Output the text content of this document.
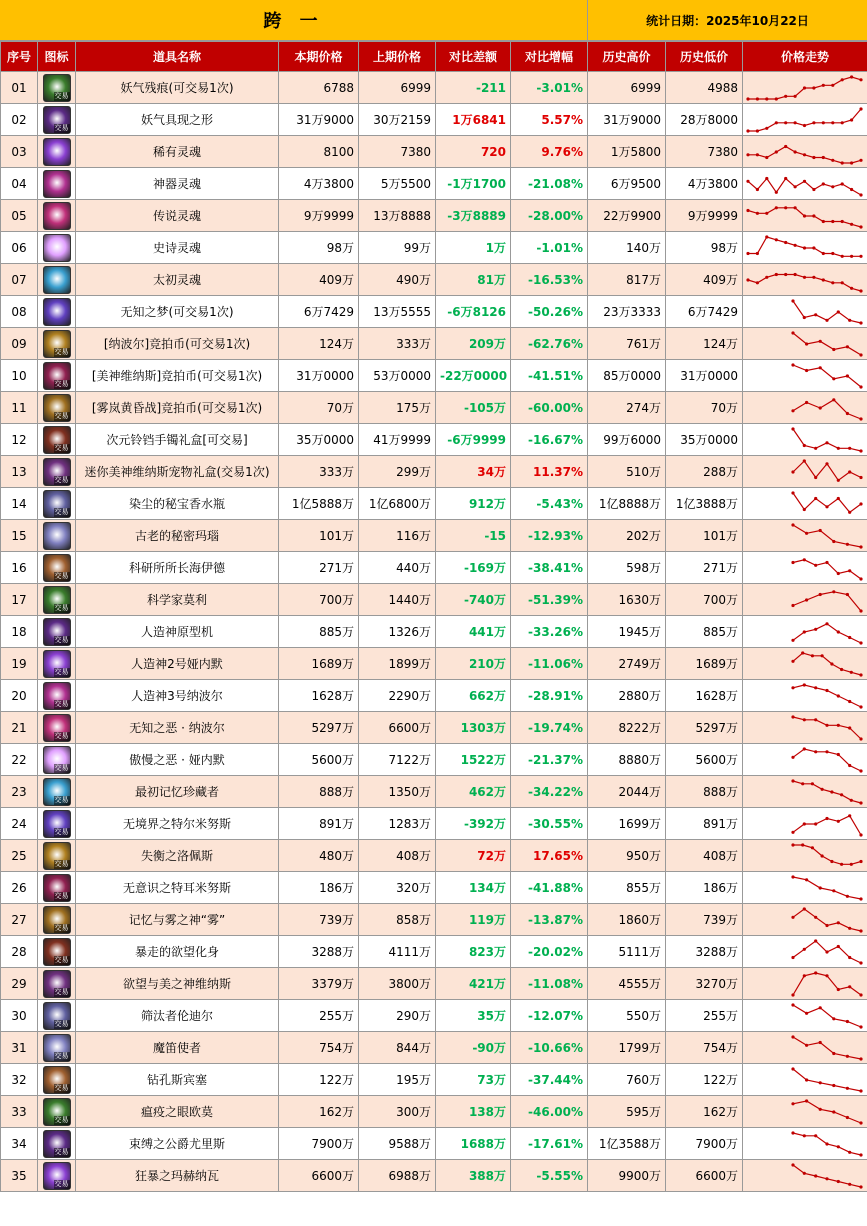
跨 一	统计日期：2025年10月22日
序号	图标	道具名称	本期价格	上期价格	对比差额	对比增幅	历史高价	历史低价	价格走势
01	交易	妖气残痕(可交易1次)	6788	6999	-211	-3.01%	6999	4988	

02	交易	妖气具现之形	31万9000	30万2159	1万6841	5.57%	31万9000	28万8000	

03		稀有灵魂	8100	7380	720	9.76%	1万5800	7380	

04		神器灵魂	4万3800	5万5500	-1万1700	-21.08%	6万9500	4万3800	

05		传说灵魂	9万9999	13万8888	-3万8889	-28.00%	22万9900	9万9999	

06		史诗灵魂	98万	99万	1万	-1.01%	140万	98万	

07		太初灵魂	409万	490万	81万	-16.53%	817万	409万	

08		无知之梦(可交易1次)	6万7429	13万5555	-6万8126	-50.26%	23万3333	6万7429	

09	交易	[纳波尔]竞拍币(可交易1次)	124万	333万	209万	-62.76%	761万	124万	

10	交易	[美神维纳斯]竞拍币(可交易1次)	31万0000	53万0000	-22万0000	-41.51%	85万0000	31万0000	

11	交易	[雾岚黄昏战]竞拍币(可交易1次)	70万	175万	-105万	-60.00%	274万	70万	

12	交易	次元铃铛手镯礼盒[可交易]	35万0000	41万9999	-6万9999	-16.67%	99万6000	35万0000	

13	交易	迷你美神维纳斯宠物礼盒(交易1次)	333万	299万	34万	11.37%	510万	288万	

14	交易	染尘的秘宝香水瓶	1亿5888万	1亿6800万	912万	-5.43%	1亿8888万	1亿3888万	

15		古老的秘密玛瑙	101万	116万	-15	-12.93%	202万	101万	

16	交易	科研所所长海伊德	271万	440万	-169万	-38.41%	598万	271万	

17	交易	科学家莫利	700万	1440万	-740万	-51.39%	1630万	700万	

18	交易	人造神原型机	885万	1326万	441万	-33.26%	1945万	885万	

19	交易	人造神2号娅内默	1689万	1899万	210万	-11.06%	2749万	1689万	

20	交易	人造神3号纳波尔	1628万	2290万	662万	-28.91%	2880万	1628万	

21	交易	无知之恶 · 纳波尔	5297万	6600万	1303万	-19.74%	8222万	5297万	

22	交易	傲慢之恶 · 娅内默	5600万	7122万	1522万	-21.37%	8880万	5600万	

23	交易	最初记忆珍藏者	888万	1350万	462万	-34.22%	2044万	888万	

24	交易	无境界之特尔米努斯	891万	1283万	-392万	-30.55%	1699万	891万	

25	交易	失衡之洛佩斯	480万	408万	72万	17.65%	950万	408万	

26	交易	无意识之特耳米努斯	186万	320万	134万	-41.88%	855万	186万	

27	交易	记忆与雾之神“雾”	739万	858万	119万	-13.87%	1860万	739万	

28	交易	暴走的欲望化身	3288万	4111万	823万	-20.02%	5111万	3288万	

29	交易	欲望与美之神维纳斯	3379万	3800万	421万	-11.08%	4555万	3270万	

30	交易	筛汰者伦迪尔	255万	290万	35万	-12.07%	550万	255万	

31	交易	魔笛使者	754万	844万	-90万	-10.66%	1799万	754万	

32	交易	钻孔斯宾塞	122万	195万	73万	-37.44%	760万	122万	

33	交易	瘟疫之眼欧莫	162万	300万	138万	-46.00%	595万	162万	

34	交易	束缚之公爵尤里斯	7900万	9588万	1688万	-17.61%	1亿3588万	7900万	

35	交易	狂暴之玛赫纳瓦	6600万	6988万	388万	-5.55%	9900万	6600万	
